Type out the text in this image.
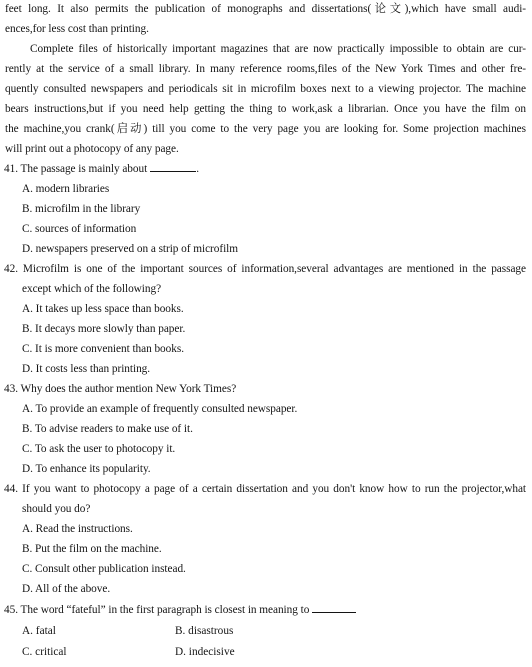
feet long. It also permits the publication of monographs and dissertations(论文),which have small audi-
ences,for less cost than printing.
Complete files of historically important magazines that are now practically impossible to obtain are cur-
rently at the service of a small library. In many reference rooms,files of the New York Times and other fre-
quently consulted newspapers and periodicals sit in microfilm boxes next to a viewing projector. The machine
bears instructions,but if you need help getting the thing to work,ask a librarian. Once you have the film on
the machine,you crank(启动) till you come to the very page you are looking for. Some projection machines
will print out a photocopy of any page.
41. The passage is mainly about	.
A. modern libraries
B. microfilm in the library
C. sources of information
D. newspapers preserved on a strip of microfilm
42. Microfilm is one of the important sources of information,several advantages are mentioned in the passage
except which of the following?
A. It takes up less space than books.
B. It decays more slowly than paper.
C. It is more convenient than books.
D. It costs less than printing.
43. Why does the author mention New York Times?
A. To provide an example of frequently consulted newspaper.
B. To advise readers to make use of it.
C. To ask the user to photocopy it.
D. To enhance its popularity.
44. If you want to photocopy a page of a certain dissertation and you don't know how to run the projector,what
should you do?
A. Read the instructions.
B. Put the film on the machine.
C. Consult other publication instead.
D. All of the above.
45. The word “fateful” in the first paragraph is closest in meaning to
A. fatal	B. disastrous
C. critical	D. indecisive
